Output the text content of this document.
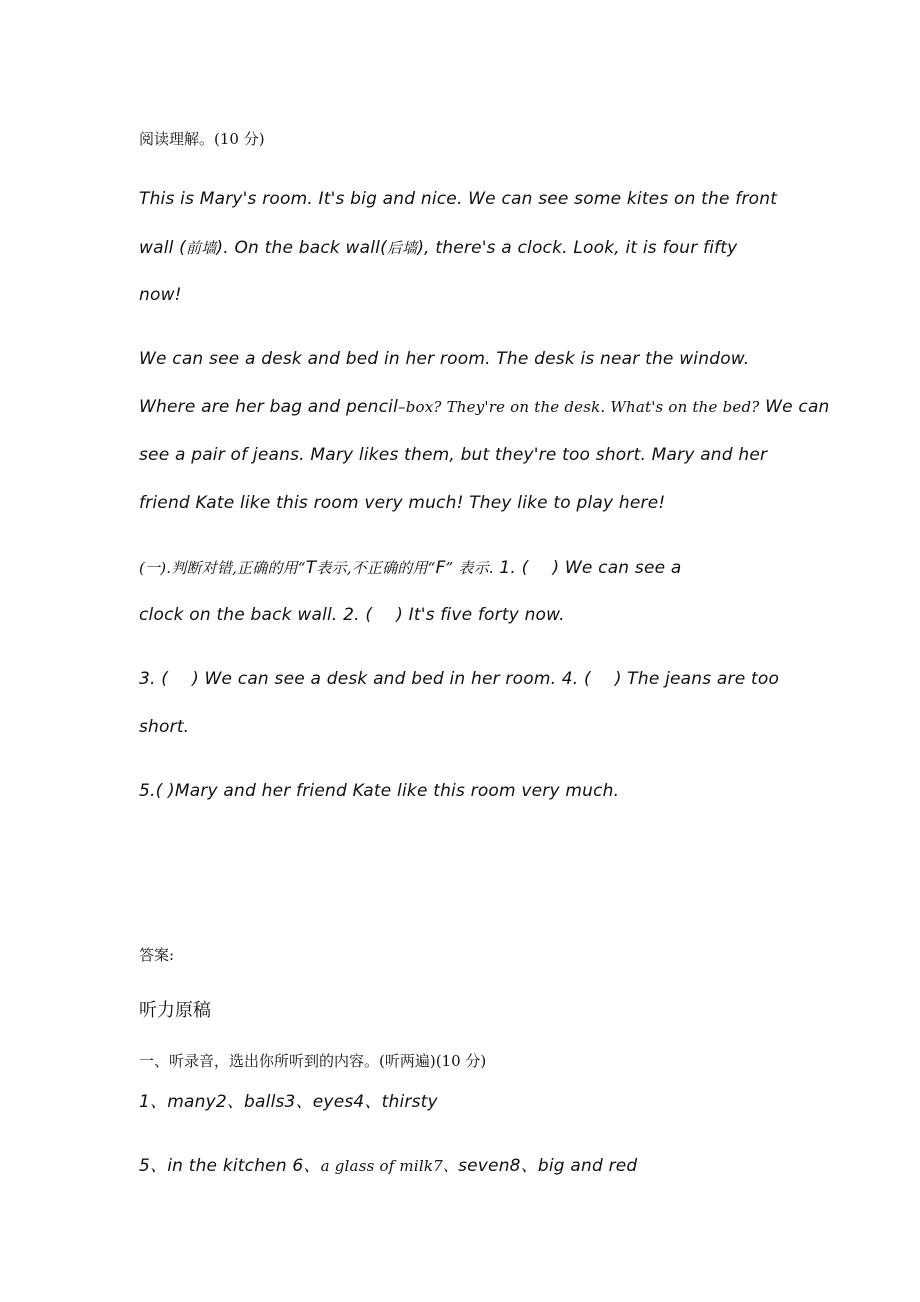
阅读理解。(10 分)
This is Mary's room. It's big and nice. We can see some kites on the front
wall (前墙). On the back wall(后墙), there's a clock. Look, it is four fifty
now!
We can see a desk and bed in her room. The desk is near the window.
Where are her bag and pencil–box? They're on the desk. What's on the bed? We can
see a pair of jeans. Mary likes them, but they're too short. Mary and her
friend Kate like this room very much! They like to play here!
(一).判断对错,正确的用“T表示,不正确的用“F” 表示. 1. ( ) We can see a
clock on the back wall. 2. ( ) It's five forty now.
3. ( ) We can see a desk and bed in her room. 4. ( ) The jeans are too
short.
5.( )Mary and her friend Kate like this room very much.
答案:
听力原稿
一、听录音，选出你所听到的内容。(听两遍)(10 分)
1、many2、balls3、eyes4、thirsty
5、in the kitchen 6、a glass of milk7、seven8、big and red
